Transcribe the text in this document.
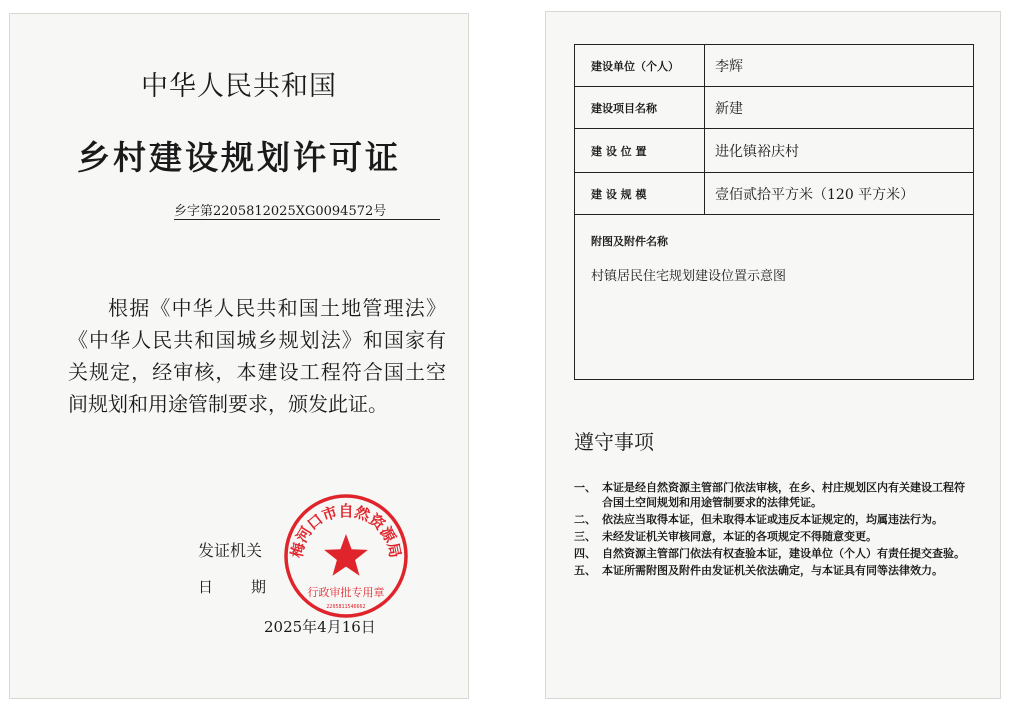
中华人民共和国
乡村建设规划许可证
乡字第2205812025XG0094572号

根据《中华人民共和国土地管理法》《中华人民共和国城乡规划法》和国家有关规定，经审核，本建设工程符合国土空间规划和用途管制要求，颁发此证。

发证机关
日	期
2025年4月16日
梅河口市自然资源局
行政审批专用章
2205811546662
建设单位（个人）	李辉
建设项目名称	新建
建 设 位 置	进化镇裕庆村
建 设 规 模	壹佰贰拾平方米（120 平方米）
附图及附件名称
村镇居民住宅规划建设位置示意图
遵守事项
一、 本证是经自然资源主管部门依法审核，在乡、村庄规划区内有关建设工程符合国土空间规划和用途管制要求的法律凭证。
二、 依法应当取得本证，但未取得本证或违反本证规定的，均属违法行为。
三、 未经发证机关审核同意，本证的各项规定不得随意变更。
四、 自然资源主管部门依法有权查验本证，建设单位（个人）有责任提交查验。
五、 本证所需附图及附件由发证机关依法确定，与本证具有同等法律效力。
